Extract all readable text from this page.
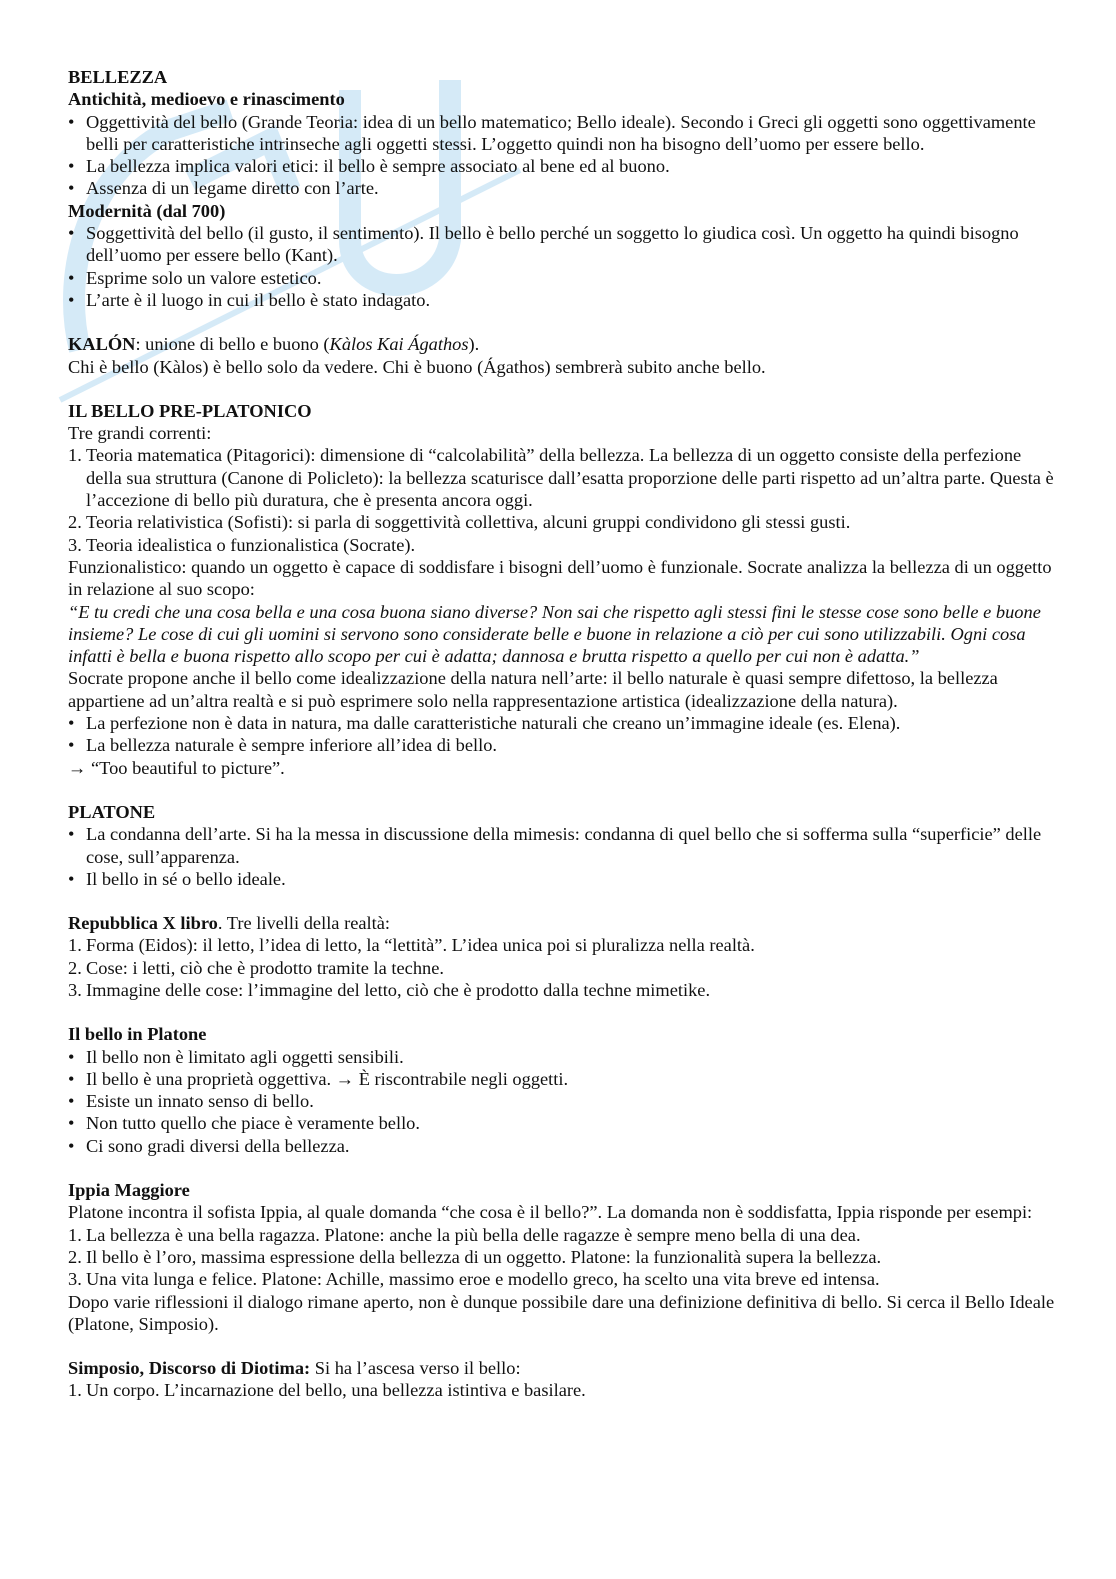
BELLEZZA

Antichità, medioevo e rinascimento

• Oggettività del bello (Grande Teoria: idea di un bello matematico; Bello ideale). Secondo i Greci gli oggetti sono oggettivamente belli per caratteristiche intrinseche agli oggetti stessi. L’oggetto quindi non ha bisogno dell’uomo per essere bello.

• La bellezza implica valori etici: il bello è sempre associato al bene ed al buono.

• Assenza di un legame diretto con l’arte.

Modernità (dal 700)

• Soggettività del bello (il gusto, il sentimento). Il bello è bello perché un soggetto lo giudica così. Un oggetto ha quindi bisogno dell’uomo per essere bello (Kant).

• Esprime solo un valore estetico.

• L’arte è il luogo in cui il bello è stato indagato.

KALÓN: unione di bello e buono (Kàlos Kai Ágathos).

Chi è bello (Kàlos) è bello solo da vedere. Chi è buono (Ágathos) sembrerà subito anche bello.

IL BELLO PRE-PLATONICO

Tre grandi correnti:

1. Teoria matematica (Pitagorici): dimensione di “calcolabilità” della bellezza. La bellezza di un oggetto consiste della perfezione della sua struttura (Canone di Policleto): la bellezza scaturisce dall’esatta proporzione delle parti rispetto ad un’altra parte. Questa è l’accezione di bello più duratura, che è presenta ancora oggi.

2. Teoria relativistica (Sofisti): si parla di soggettività collettiva, alcuni gruppi condividono gli stessi gusti.

3. Teoria idealistica o funzionalistica (Socrate).

Funzionalistico: quando un oggetto è capace di soddisfare i bisogni dell’uomo è funzionale. Socrate analizza la bellezza di un oggetto in relazione al suo scopo:

“E tu credi che una cosa bella e una cosa buona siano diverse? Non sai che rispetto agli stessi fini le stesse cose sono belle e buone insieme? Le cose di cui gli uomini si servono sono considerate belle e buone in relazione a ciò per cui sono utilizzabili. Ogni cosa infatti è bella e buona rispetto allo scopo per cui è adatta; dannosa e brutta rispetto a quello per cui non è adatta.”

Socrate propone anche il bello come idealizzazione della natura nell’arte: il bello naturale è quasi sempre difettoso, la bellezza appartiene ad un’altra realtà e si può esprimere solo nella rappresentazione artistica (idealizzazione della natura).

• La perfezione non è data in natura, ma dalle caratteristiche naturali che creano un’immagine ideale (es. Elena).

• La bellezza naturale è sempre inferiore all’idea di bello.

→ “Too beautiful to picture”.

PLATONE

• La condanna dell’arte. Si ha la messa in discussione della mimesis: condanna di quel bello che si sofferma sulla “superficie” delle cose, sull’apparenza.

• Il bello in sé o bello ideale.

Repubblica X libro. Tre livelli della realtà:

1. Forma (Eidos): il letto, l’idea di letto, la “lettità”. L’idea unica poi si pluralizza nella realtà.

2. Cose: i letti, ciò che è prodotto tramite la techne.

3. Immagine delle cose: l’immagine del letto, ciò che è prodotto dalla techne mimetike.

Il bello in Platone

• Il bello non è limitato agli oggetti sensibili.

• Il bello è una proprietà oggettiva. → È riscontrabile negli oggetti.

• Esiste un innato senso di bello.

• Non tutto quello che piace è veramente bello.

• Ci sono gradi diversi della bellezza.

Ippia Maggiore

Platone incontra il sofista Ippia, al quale domanda “che cosa è il bello?”. La domanda non è soddisfatta, Ippia risponde per esempi:

1. La bellezza è una bella ragazza. Platone: anche la più bella delle ragazze è sempre meno bella di una dea.

2. Il bello è l’oro, massima espressione della bellezza di un oggetto. Platone: la funzionalità supera la bellezza.

3. Una vita lunga e felice. Platone: Achille, massimo eroe e modello greco, ha scelto una vita breve ed intensa.

Dopo varie riflessioni il dialogo rimane aperto, non è dunque possibile dare una definizione definitiva di bello. Si cerca il Bello Ideale (Platone, Simposio).

Simposio, Discorso di Diotima: Si ha l’ascesa verso il bello:

1. Un corpo. L’incarnazione del bello, una bellezza istintiva e basilare.
